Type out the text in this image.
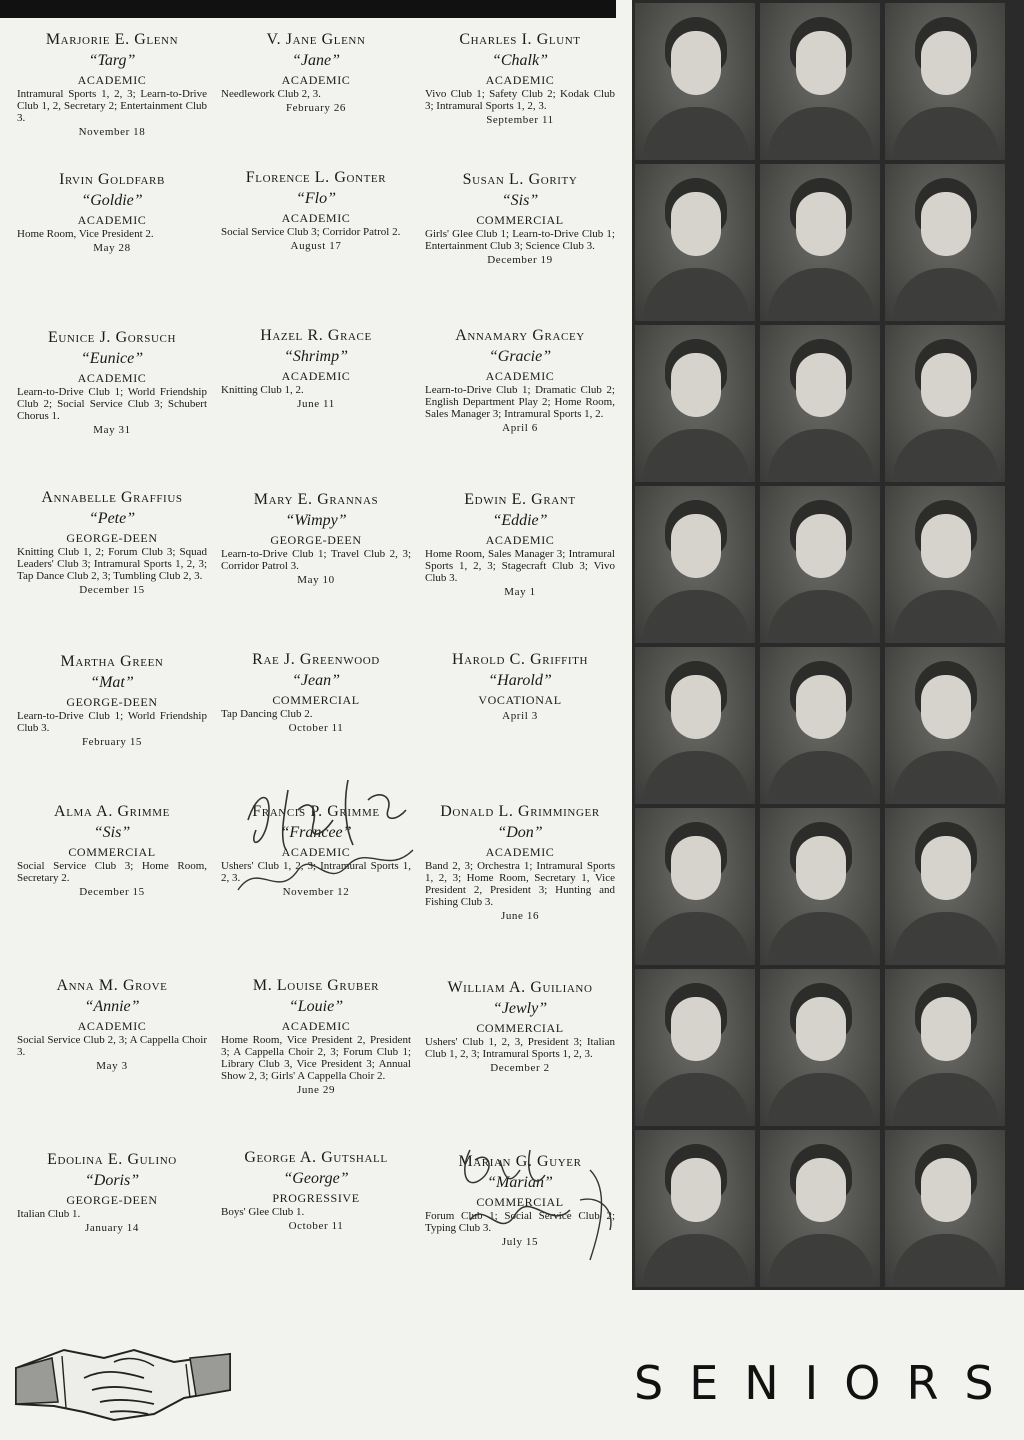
Marjorie E. Glenn
“Targ”
ACADEMIC
Intramural Sports 1, 2, 3; Learn-to-Drive Club 1, 2, Secretary 2; Entertainment Club 3.
November 18
V. Jane Glenn
“Jane”
ACADEMIC
Needlework Club 2, 3.
February 26
Charles I. Glunt
“Chalk”
ACADEMIC
Vivo Club 1; Safety Club 2; Kodak Club 3; Intramural Sports 1, 2, 3.
September 11
Irvin Goldfarb
“Goldie”
ACADEMIC
Home Room, Vice President 2.
May 28
Florence L. Gonter
“Flo”
ACADEMIC
Social Service Club 3; Corridor Patrol 2.
August 17
Susan L. Gority
“Sis”
COMMERCIAL
Girls' Glee Club 1; Learn-to-Drive Club 1; Entertainment Club 3; Science Club 3.
December 19
Eunice J. Gorsuch
“Eunice”
ACADEMIC
Learn-to-Drive Club 1; World Friendship Club 2; Social Service Club 3; Schubert Chorus 1.
May 31
Hazel R. Grace
“Shrimp”
ACADEMIC
Knitting Club 1, 2.
June 11
Annamary Gracey
“Gracie”
ACADEMIC
Learn-to-Drive Club 1; Dramatic Club 2; English Department Play 2; Home Room, Sales Manager 3; Intramural Sports 1, 2.
April 6
Annabelle Graffius
“Pete”
GEORGE-DEEN
Knitting Club 1, 2; Forum Club 3; Squad Leaders' Club 3; Intramural Sports 1, 2, 3; Tap Dance Club 2, 3; Tumbling Club 2, 3.
December 15
Mary E. Grannas
“Wimpy”
GEORGE-DEEN
Learn-to-Drive Club 1; Travel Club 2, 3; Corridor Patrol 3.
May 10
Edwin E. Grant
“Eddie”
ACADEMIC
Home Room, Sales Manager 3; Intramural Sports 1, 2, 3; Stagecraft Club 3; Vivo Club 3.
May 1
Martha Green
“Mat”
GEORGE-DEEN
Learn-to-Drive Club 1; World Friendship Club 3.
February 15
Rae J. Greenwood
“Jean”
COMMERCIAL
Tap Dancing Club 2.
October 11
Harold C. Griffith
“Harold”
VOCATIONAL
April 3
Alma A. Grimme
“Sis”
COMMERCIAL
Social Service Club 3; Home Room, Secretary 2.
December 15
Francis P. Grimme
“Francee”
ACADEMIC
Ushers' Club 1, 2, 3; Intramural Sports 1, 2, 3.
November 12
Donald L. Grimminger
“Don”
ACADEMIC
Band 2, 3; Orchestra 1; Intramural Sports 1, 2, 3; Home Room, Secretary 1, Vice President 2, President 3; Hunting and Fishing Club 3.
June 16
Anna M. Grove
“Annie”
ACADEMIC
Social Service Club 2, 3; A Cappella Choir 3.
May 3
M. Louise Gruber
“Louie”
ACADEMIC
Home Room, Vice President 2, President 3; A Cappella Choir 2, 3; Forum Club 1; Library Club 3, Vice President 3; Annual Show 2, 3; Girls' A Cappella Choir 2.
June 29
William A. Guiliano
“Jewly”
COMMERCIAL
Ushers' Club 1, 2, 3, President 3; Italian Club 1, 2, 3; Intramural Sports 1, 2, 3.
December 2
Edolina E. Gulino
“Doris”
GEORGE-DEEN
Italian Club 1.
January 14
George A. Gutshall
“George”
PROGRESSIVE
Boys' Glee Club 1.
October 11
Marian G. Guyer
“Marian”
COMMERCIAL
Forum Club 1; Social Service Club 2; Typing Club 3.
July 15
SENIORS
